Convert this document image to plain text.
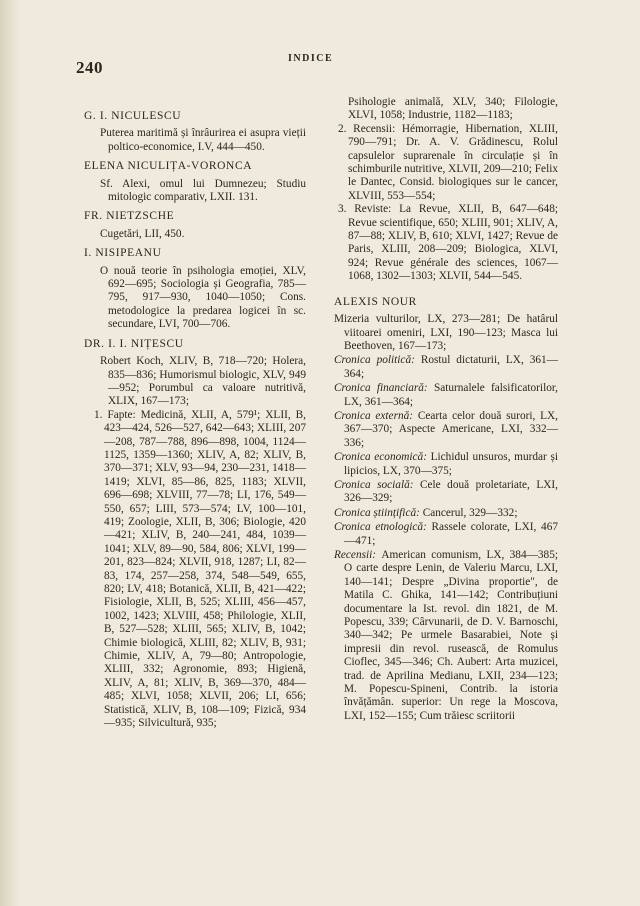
240	INDICE
G. I. NICULESCU

Puterea maritimă și înrâurirea ei asupra vieții poltico-economice, I.V, 444—450.

ELENA NICULIȚA-VORONCA

Sf. Alexi, omul lui Dumnezeu; Studiu mitologic comparativ, LXII. 131.

FR. NIETZSCHE

Cugetări, LII, 450.

I. NISIPEANU

O nouă teorie în psihologia emoției, XLV, 692—695; Sociologia și Geografia, 785—795, 917—930, 1040—1050; Cons. metodologice la predarea logicei în sc. secundare, LVI, 700—706.

DR. I. I. NIȚESCU

Robert Koch, XLIV, B, 718—720; Holera, 835—836; Humorismul biologic, XLV, 949—952; Porumbul ca valoare nutritivă, XLIX, 167—173;

1. Fapte: Medicină, XLII, A, 579¹; XLII, B, 423—424, 526—527, 642—643; XLIII, 207—208, 787—788, 896—898, 1004, 1124—1125, 1359—1360; XLIV, A, 82; XLIV, B, 370—371; XLV, 93—94, 230—231, 1418—1419; XLVI, 85—86, 825, 1183; XLVII, 696—698; XLVIII, 77—78; LI, 176, 549—550, 657; LIII, 573—574; LV, 100—101, 419; Zoologie, XLII, B, 306; Biologie, 420—421; XLIV, B, 240—241, 484, 1039—1041; XLV, 89—90, 584, 806; XLVI, 199—201, 823—824; XLVII, 918, 1287; LI, 82—83, 174, 257—258, 374, 548—549, 655, 820; LV, 418; Botanică, XLII, B, 421—422; Fisiologie, XLII, B, 525; XLIII, 456—457, 1002, 1423; XLVIII, 458; Philologie, XLII, B, 527—528; XLIII, 565; XLIV, B, 1042; Chimie biologică, XLIII, 82; XLIV, B, 931; Chimie, XLIV, A, 79—80; Antropologie, XLIII, 332; Agronomie, 893; Higienă, XLIV, A, 81; XLIV, B, 369—370, 484—485; XLVI, 1058; XLVII, 206; LI, 656; Statistică, XLIV, B, 108—109; Fizică, 934—935; Silvicultură, 935;

Psihologie animală, XLV, 340; Filologie, XLVI, 1058; Industrie, 1182—1183;

2. Recensii: Hémorragie, Hibernation, XLIII, 790—791; Dr. A. V. Grădinescu, Rolul capsulelor suprarenale în circulație și în schimburile nutritive, XLVII, 209—210; Felix le Dantec, Consid. biologiques sur le cancer, XLVIII, 553—554;

3. Reviste: La Revue, XLII, B, 647—648; Revue scientifique, 650; XLIII, 901; XLIV, A, 87—88; XLIV, B, 610; XLVI, 1427; Revue de Paris, XLIII, 208—209; Biologica, XLVI, 924; Revue générale des sciences, 1067—1068, 1302—1303; XLVII, 544—545.

ALEXIS NOUR

Mizeria vulturilor, LX, 273—281; De hatârul viitoarei omeniri, LXI, 190—123; Masca lui Beethoven, 167—173;

Cronica politică: Rostul dictaturii, LX, 361—364;

Cronica financiară: Saturnalele falsificatorilor, LX, 361—364;

Cronica externă: Cearta celor două surori, LX, 367—370; Aspecte Americane, LXI, 332—336;

Cronica economică: Lichidul unsuros, murdar și lipicios, LX, 370—375;

Cronica socială: Cele două proletariate, LXI, 326—329;

Cronica științifică: Cancerul, 329—332;

Cronica etnologică: Rassele colorate, LXI, 467—471;

Recensii: American comunism, LX, 384—385; O carte despre Lenin, de Valeriu Marcu, LXI, 140—141; Despre „Divina proportie", de Matila C. Ghika, 141—142; Contribuțiuni documentare la Ist. revol. din 1821, de M. Popescu, 339; Cârvunarii, de D. V. Barnoschi, 340—342; Pe urmele Basarabiei, Note și impresii din revol. rusească, de Romulus Cioflec, 345—346; Ch. Aubert: Arta muzicei, trad. de Aprilina Medianu, LXII, 234—123; M. Popescu-Spineni, Contrib. la istoria învățămân. superior: Un rege la Moscova, LXI, 152—155; Cum trăiesc scriitorii
